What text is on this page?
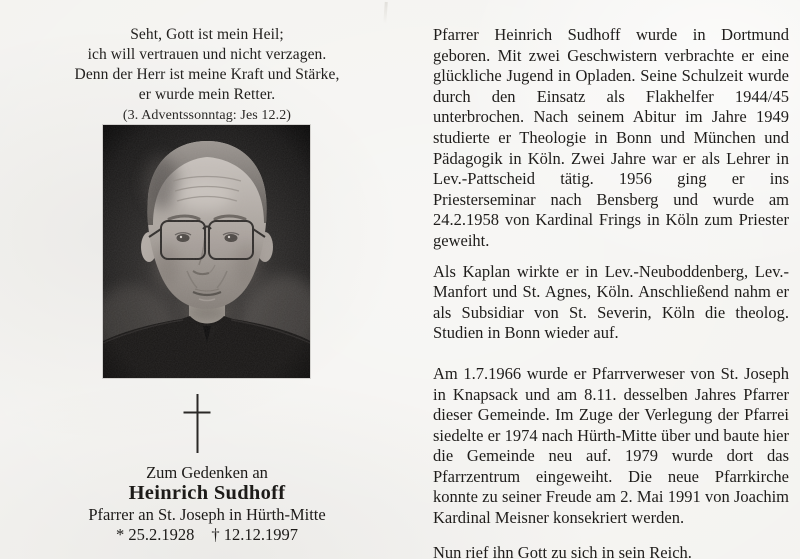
Seht, Gott ist mein Heil;
ich will vertrauen und nicht verzagen.
Denn der Herr ist meine Kraft und Stärke,
er wurde mein Retter.
(3. Adventssonntag: Jes 12.2)
Zum Gedenken an
Heinrich Sudhoff
Pfarrer an St. Joseph in Hürth-Mitte
* 25.2.1928 † 12.12.1997

Pfarrer Heinrich Sudhoff wurde in Dortmund geboren. Mit zwei Geschwistern verbrachte er eine glückliche Jugend in Opladen. Seine Schulzeit wurde durch den Einsatz als Flakhelfer 1944/45 unterbrochen. Nach seinem Abitur im Jahre 1949 studierte er Theologie in Bonn und München und Pädagogik in Köln. Zwei Jahre war er als Lehrer in Lev.-Pattscheid tätig. 1956 ging er ins Priesterseminar nach Bensberg und wurde am 24.2.1958 von Kardinal Frings in Köln zum Priester geweiht.

Als Kaplan wirkte er in Lev.-Neuboddenberg, Lev.-Manfort und St. Agnes, Köln. Anschließend nahm er als Subsidiar von St. Severin, Köln die theolog. Studien in Bonn wieder auf.

Am 1.7.1966 wurde er Pfarrverweser von St. Joseph in Knapsack und am 8.11. desselben Jahres Pfarrer dieser Gemeinde. Im Zuge der Verlegung der Pfarrei siedelte er 1974 nach Hürth-Mitte über und baute hier die Gemeinde neu auf. 1979 wurde dort das Pfarrzentrum eingeweiht. Die neue Pfarrkirche konnte zu seiner Freude am 2. Mai 1991 von Joachim Kardinal Meisner konsekriert werden.

Nun rief ihn Gott zu sich in sein Reich.
